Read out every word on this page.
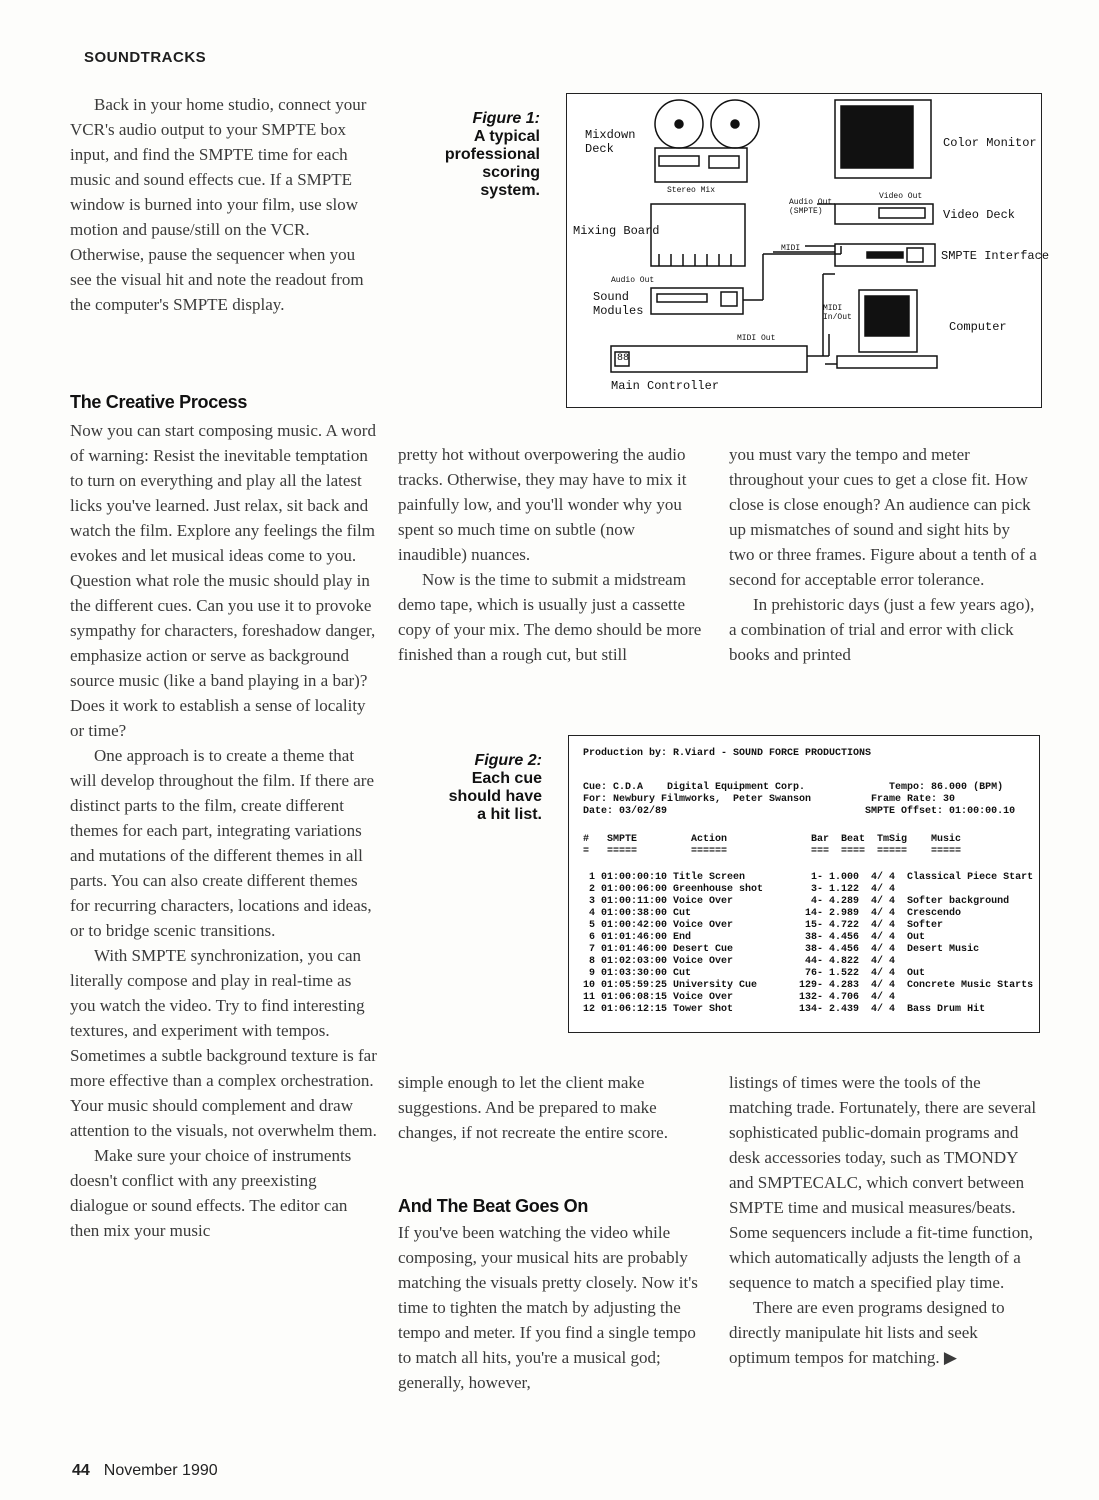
SOUNDTRACKS

Back in your home studio, connect your VCR's audio output to your SMPTE box input, and find the SMPTE time for each music and sound effects cue. If a SMPTE window is burned into your film, use slow motion and pause/still on the VCR. Otherwise, pause the sequencer when you see the visual hit and note the readout from the computer's SMPTE display.

The Creative Process

Now you can start composing music. A word of warning: Resist the inevitable temptation to turn on everything and play all the latest licks you've learned. Just relax, sit back and watch the film. Explore any feelings the film evokes and let musical ideas come to you. Question what role the music should play in the different cues. Can you use it to provoke sympathy for characters, foreshadow danger, emphasize action or serve as background source music (like a band playing in a bar)? Does it work to establish a sense of locality or time?

One approach is to create a theme that will develop throughout the film. If there are distinct parts to the film, create different themes for each part, integrating variations and mutations of the different themes in all parts. You can also create different themes for recurring characters, locations and ideas, or to bridge scenic transitions.

With SMPTE synchronization, you can literally compose and play in real-time as you watch the video. Try to find interesting textures, and experiment with tempos. Sometimes a subtle background texture is far more effective than a complex orchestration. Your music should complement and draw attention to the visuals, not overwhelm them.

Make sure your choice of instruments doesn't conflict with any preexisting dialogue or sound effects. The editor can then mix your music

Figure 1:
A typical professional scoring system.
Mixdown Deck
Stereo Mix
Mixing Board
Audio Out
Sound Modules
MIDI Out
88
Main Controller
Audio Out (SMPTE)
MIDI
MIDI In/Out
Video Out
Color Monitor
Video Deck
SMPTE Interface
Computer

pretty hot without overpowering the audio tracks. Otherwise, they may have to mix it painfully low, and you'll wonder why you spent so much time on subtle (now inaudible) nuances.

Now is the time to submit a midstream demo tape, which is usually just a cassette copy of your mix. The demo should be more finished than a rough cut, but still

you must vary the tempo and meter throughout your cues to get a close fit. How close is close enough? An audience can pick up mismatches of sound and sight hits by two or three frames. Figure about a tenth of a second for acceptable error tolerance.

In prehistoric days (just a few years ago), a combination of trial and error with click books and printed

Figure 2:
Each cue should have a hit list.
Production by: R.Viard - SOUND FORCE PRODUCTIONS
Cue: C.D.A    Digital Equipment Corp.              Tempo: 86.000 (BPM)
For: Newbury Filmworks,  Peter Swanson          Frame Rate: 30
Date: 03/02/89                                 SMPTE Offset: 01:00:00.10
#   SMPTE         Action              Bar  Beat  TmSig    Music
=   =====         ======              ===  ====  =====    =====
1 01:00:00:10 Title Screen           1- 1.000  4/ 4  Classical Piece Start
2 01:00:06:00 Greenhouse shot        3- 1.122  4/ 4
3 01:00:11:00 Voice Over             4- 4.289  4/ 4  Softer background
4 01:00:38:00 Cut                   14- 2.989  4/ 4  Crescendo
5 01:00:42:00 Voice Over            15- 4.722  4/ 4  Softer
6 01:01:46:00 End                   38- 4.456  4/ 4  Out
7 01:01:46:00 Desert Cue            38- 4.456  4/ 4  Desert Music
8 01:02:03:00 Voice Over            44- 4.822  4/ 4
9 01:03:30:00 Cut                   76- 1.522  4/ 4  Out
10 01:05:59:25 University Cue       129- 4.283  4/ 4  Concrete Music Starts
11 01:06:08:15 Voice Over           132- 4.706  4/ 4
12 01:06:12:15 Tower Shot           134- 2.439  4/ 4  Bass Drum Hit

simple enough to let the client make suggestions. And be prepared to make changes, if not recreate the entire score.

And The Beat Goes On

If you've been watching the video while composing, your musical hits are probably matching the visuals pretty closely. Now it's time to tighten the match by adjusting the tempo and meter. If you find a single tempo to match all hits, you're a musical god; generally, however,

listings of times were the tools of the matching trade. Fortunately, there are several sophisticated public-domain programs and desk accessories today, such as TMONDY and SMPTECALC, which convert between SMPTE time and musical measures/beats. Some sequencers include a fit-time function, which automatically adjusts the length of a sequence to match a specified play time.

There are even programs designed to directly manipulate hit lists and seek optimum tempos for matching. ▶

44 November 1990
